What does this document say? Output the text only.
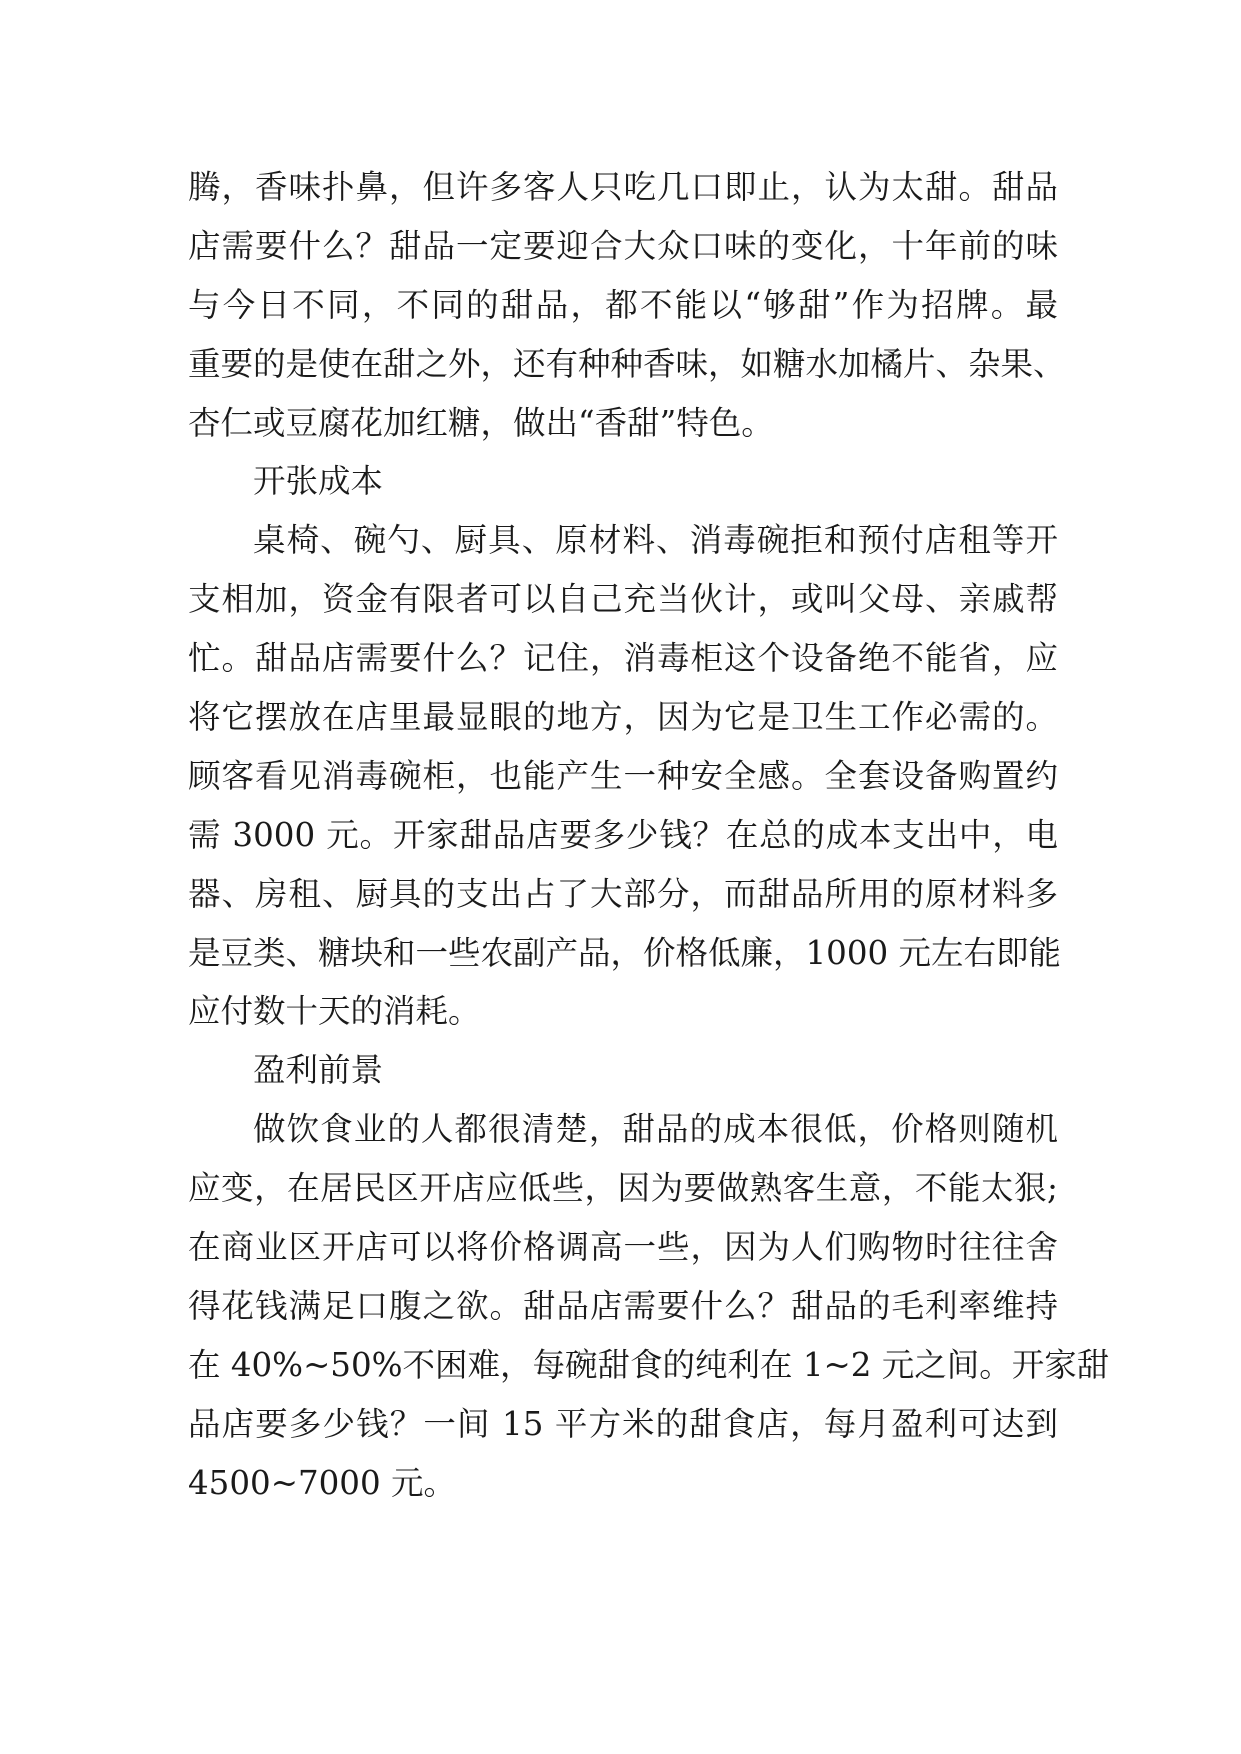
腾，香味扑鼻，但许多客人只吃几口即止，认为太甜。甜品
店需要什么？甜品一定要迎合大众口味的变化，十年前的味
与今日不同，不同的甜品，都不能以“够甜”作为招牌。最
重要的是使在甜之外，还有种种香味，如糖水加橘片、杂果、
杏仁或豆腐花加红糖，做出“香甜”特色。
开张成本
桌椅、碗勺、厨具、原材料、消毒碗拒和预付店租等开
支相加，资金有限者可以自己充当伙计，或叫父母、亲戚帮
忙。甜品店需要什么？记住，消毒柜这个设备绝不能省，应
将它摆放在店里最显眼的地方，因为它是卫生工作必需的。
顾客看见消毒碗柜，也能产生一种安全感。全套设备购置约
需 3000 元。开家甜品店要多少钱？在总的成本支出中，电
器、房租、厨具的支出占了大部分，而甜品所用的原材料多
是豆类、糖块和一些农副产品，价格低廉，1000 元左右即能
应付数十天的消耗。
盈利前景
做饮食业的人都很清楚，甜品的成本很低，价格则随机
应变，在居民区开店应低些，因为要做熟客生意，不能太狠;
在商业区开店可以将价格调高一些，因为人们购物时往往舍
得花钱满足口腹之欲。甜品店需要什么？甜品的毛利率维持
在 40%~50%不困难，每碗甜食的纯利在 1~2 元之间。开家甜
品店要多少钱？一间 15 平方米的甜食店，每月盈利可达到
4500~7000 元。
